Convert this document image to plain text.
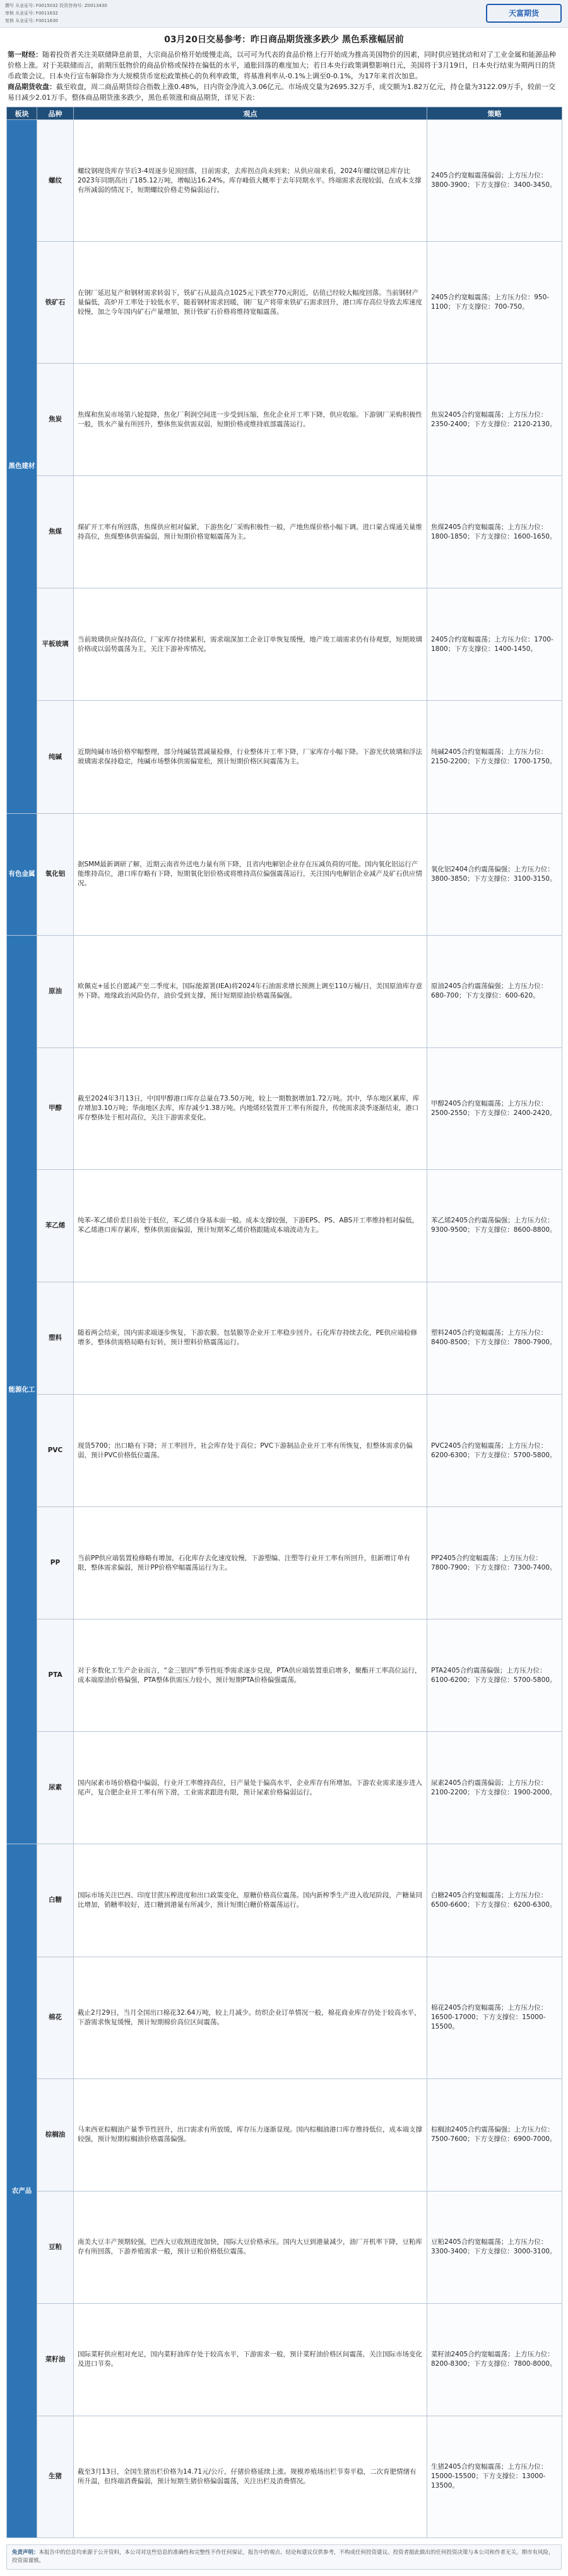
撰写 从业证号: F0015032 投资咨询号: Z0013430
审核 从业证号: F0011632
复核 从业证号: F0011630
天富期货
03月20日交易参考：昨日商品期货涨多跌少 黑色系涨幅居前

第一财经：随着投资者关注美联储降息前景，大宗商品价格开始缓慢走高，以可可为代表的食品价格上行开始成为推高美国物价的因素，同时供应链扰动和对了工业金属和能源品种价格上涨。对于美联储而言，前期压低物价的商品价格或保持在偏低的水平，通胀回落的难度加大；若日本央行政策调整影响日元，美国将于3月19日，日本央行结束为期两日的货币政策会议。日本央行宣布解除作为大规模货币宽松政策核心的负利率政策，将基准利率从-0.1%上调至0-0.1%，为17年来首次加息。

商品期货收盘：截至收盘，周二商品期货综合指数上涨0.48%，日内资金净流入3.06亿元。市场成交量为2695.32万手，成交额为1.82万亿元，持仓量为3122.09万手，较前一交易日减少2.01万手。整体商品期货涨多跌少，黑色系领涨和商品期货，详见下表：

板块	品种	观点	策略
黑色建材	螺纹	螺纹钢现货库存节后3-4周逐步见顶回落，目前需求，去库拐点尚未到来；从供应端来看，2024年螺纹钢总库存比2023年同期高出了185.12万吨，增幅达16.24%。库存峰值大概率于去年同期水平。终端需求表现较弱，在成本支撑有所减弱的情况下，短期螺纹价格走势偏弱运行。	2405合约宽幅震荡偏弱；上方压力位：3800-3900；下方支撑位：3400-3450。
	铁矿石	在钢厂延迟复产和钢材需求转弱下，铁矿石从最高点1025元下跌至770元附近，估值已经较大幅度回落。当前钢材产量偏低，高炉开工率处于较低水平，随着钢材需求回暖，钢厂复产将带来铁矿石需求回升，港口库存高位导致去库速度较慢，加之今年国内矿石产量增加，预计铁矿石价格将维持宽幅震荡。	2405合约宽幅震荡；上方压力位：950-1100；下方支撑位：700-750。
	焦炭	焦煤和焦炭市场第八轮提降，焦化厂利润空间进一步受到压缩，焦化企业开工率下降，供应收缩。下游钢厂采购积极性一般，铁水产量有所回升，整体焦炭供需双弱，短期价格或维持底部震荡运行。	焦炭2405合约宽幅震荡；上方压力位：2350-2400；下方支撑位：2120-2130。
	焦煤	煤矿开工率有所回落，焦煤供应相对偏紧，下游焦化厂采购积极性一般，产地焦煤价格小幅下调。进口蒙古煤通关量维持高位，焦煤整体供需偏弱，预计短期价格宽幅震荡为主。	焦煤2405合约宽幅震荡；上方压力位：1800-1850；下方支撑位：1600-1650。
	平板玻璃	当前玻璃供应保持高位，厂家库存持续累积，需求端深加工企业订单恢复缓慢，地产竣工端需求仍有待观察，短期玻璃价格或以弱势震荡为主，关注下游补库情况。	2405合约宽幅震荡；上方压力位：1700-1800；下方支撑位：1400-1450。
	纯碱	近期纯碱市场价格窄幅整理，部分纯碱装置减量检修，行业整体开工率下降，厂家库存小幅下降。下游光伏玻璃和浮法玻璃需求保持稳定，纯碱市场整体供需偏宽松，预计短期价格区间震荡为主。	纯碱2405合约宽幅震荡；上方压力位：2150-2200；下方支撑位：1700-1750。
有色金属	氧化铝	据SMM最新调研了解，近期云南省外送电力量有所下降，且省内电解铝企业存在压减负荷的可能。国内氧化铝运行产能维持高位，港口库存略有下降，短期氧化铝价格或将维持高位偏强震荡运行，关注国内电解铝企业减产及矿石供应情况。	氧化铝2404合约震荡偏强；上方压力位：3800-3850；下方支撑位：3100-3150。
能源化工	原油	欧佩克+延长自愿减产至二季度末，国际能源署(IEA)将2024年石油需求增长预测上调至110万桶/日，美国原油库存意外下降。地缘政治风险仍存，油价受到支撑，预计短期原油价格震荡偏强。	原油2405合约震荡偏强；上方压力位：680-700；下方支撑位：600-620。
	甲醇	截至2024年3月13日，中国甲醇港口库存总量在73.50万吨，较上一期数据增加1.72万吨。其中，华东地区累库，库存增加3.10万吨；华南地区去库，库存减少1.38万吨。内地烯烃装置开工率有所提升，传统需求淡季逐渐结束，港口库存整体处于相对高位，关注下游需求变化。	甲醇2405合约宽幅震荡；上方压力位：2500-2550；下方支撑位：2400-2420。
	苯乙烯	纯苯-苯乙烯价差目前处于低位，苯乙烯自身基本面一般。成本支撑较强，下游EPS、PS、ABS开工率维持相对偏低，苯乙烯港口库存累库，整体供需面偏弱，预计短期苯乙烯价格跟随成本端波动为主。	苯乙烯2405合约震荡偏强；上方压力位：9300-9500；下方支撑位：8600-8800。
	塑料	随着两会结束，国内需求端逐步恢复，下游农膜、包装膜等企业开工率稳步回升。石化库存持续去化，PE供应端检修增多，整体供需格局略有好转，预计塑料价格震荡运行。	塑料2405合约宽幅震荡；上方压力位：8400-8500；下方支撑位：7800-7900。
	PVC	现货5700；出口略有下降；开工率回升，社会库存处于高位；PVC下游制品企业开工率有所恢复，但整体需求仍偏弱，预计PVC价格低位震荡。	PVC2405合约宽幅震荡；上方压力位：6200-6300；下方支撑位：5700-5800。
	PP	当前PP供应端装置检修略有增加，石化库存去化速度较慢，下游塑编、注塑等行业开工率有所回升，但新增订单有限，整体需求偏弱，预计PP价格窄幅震荡运行为主。	PP2405合约宽幅震荡；上方压力位：7800-7900；下方支撑位：7300-7400。
	PTA	对于多数化工生产企业而言，“金三银四”季节性旺季需求逐步兑现，PTA供应端装置重启增多，聚酯开工率高位运行，成本端原油价格偏强，PTA整体供需压力较小，预计短期PTA价格偏强震荡。	PTA2405合约震荡偏强；上方压力位：6100-6200；下方支撑位：5700-5800。
	尿素	国内尿素市场价格稳中偏弱，行业开工率维持高位，日产量处于偏高水平，企业库存有所增加。下游农业需求逐步进入尾声，复合肥企业开工率有所下滑，工业需求跟进有限，预计尿素价格偏弱运行。	尿素2405合约震荡偏弱；上方压力位：2100-2200；下方支撑位：1900-2000。
农产品	白糖	国际市场关注巴西、印度甘蔗压榨进度和出口政策变化，原糖价格高位震荡。国内新榨季生产进入收尾阶段，产糖量同比增加，销糖率较好，进口糖到港量有所减少，预计短期白糖价格震荡运行。	白糖2405合约宽幅震荡；上方压力位：6500-6600；下方支撑位：6200-6300。
	棉花	截止2月29日，当月全国出口棉花32.64万吨，较上月减少。纺织企业订单情况一般，棉花商业库存仍处于较高水平，下游需求恢复缓慢，预计短期棉价高位区间震荡。	棉花2405合约宽幅震荡；上方压力位：16500-17000；下方支撑位：15000-15500。
	棕榈油	马来西亚棕榈油产量季节性回升，出口需求有所放缓，库存压力逐渐显现。国内棕榈油港口库存维持低位，成本端支撑较强，预计短期棕榈油价格震荡偏强。	棕榈油2405合约震荡偏强；上方压力位：7500-7600；下方支撑位：6900-7000。
	豆粕	南美大豆丰产预期较强，巴西大豆收割进度加快，国际大豆价格承压。国内大豆到港量减少，油厂开机率下降，豆粕库存有所回落，下游养殖需求一般，预计豆粕价格低位震荡。	豆粕2405合约宽幅震荡；上方压力位：3300-3400；下方支撑位：3000-3100。
	菜籽油	国际菜籽供应相对充足，国内菜籽油库存处于较高水平，下游需求一般，预计菜籽油价格区间震荡，关注国际市场变化及进口节奏。	菜籽油2405合约宽幅震荡；上方压力位：8200-8300；下方支撑位：7800-8000。
	生猪	截至3月13日，全国生猪出栏价格为14.71元/公斤，仔猪价格延续上涨。规模养殖场出栏节奏平稳，二次育肥情绪有所升温，但终端消费偏弱，预计短期生猪价格偏弱震荡，关注出栏及消费情况。	生猪2405合约宽幅震荡；上方压力位：15000-15500；下方支撑位：13000-13500。
免责声明：本报告中的信息均来源于公开资料，本公司对这些信息的准确性和完整性不作任何保证，报告中的观点、结论和建议仅供参考，不构成任何投资建议。投资者据此做出的任何投资决策与本公司和作者无关。期市有风险，投资需谨慎。
